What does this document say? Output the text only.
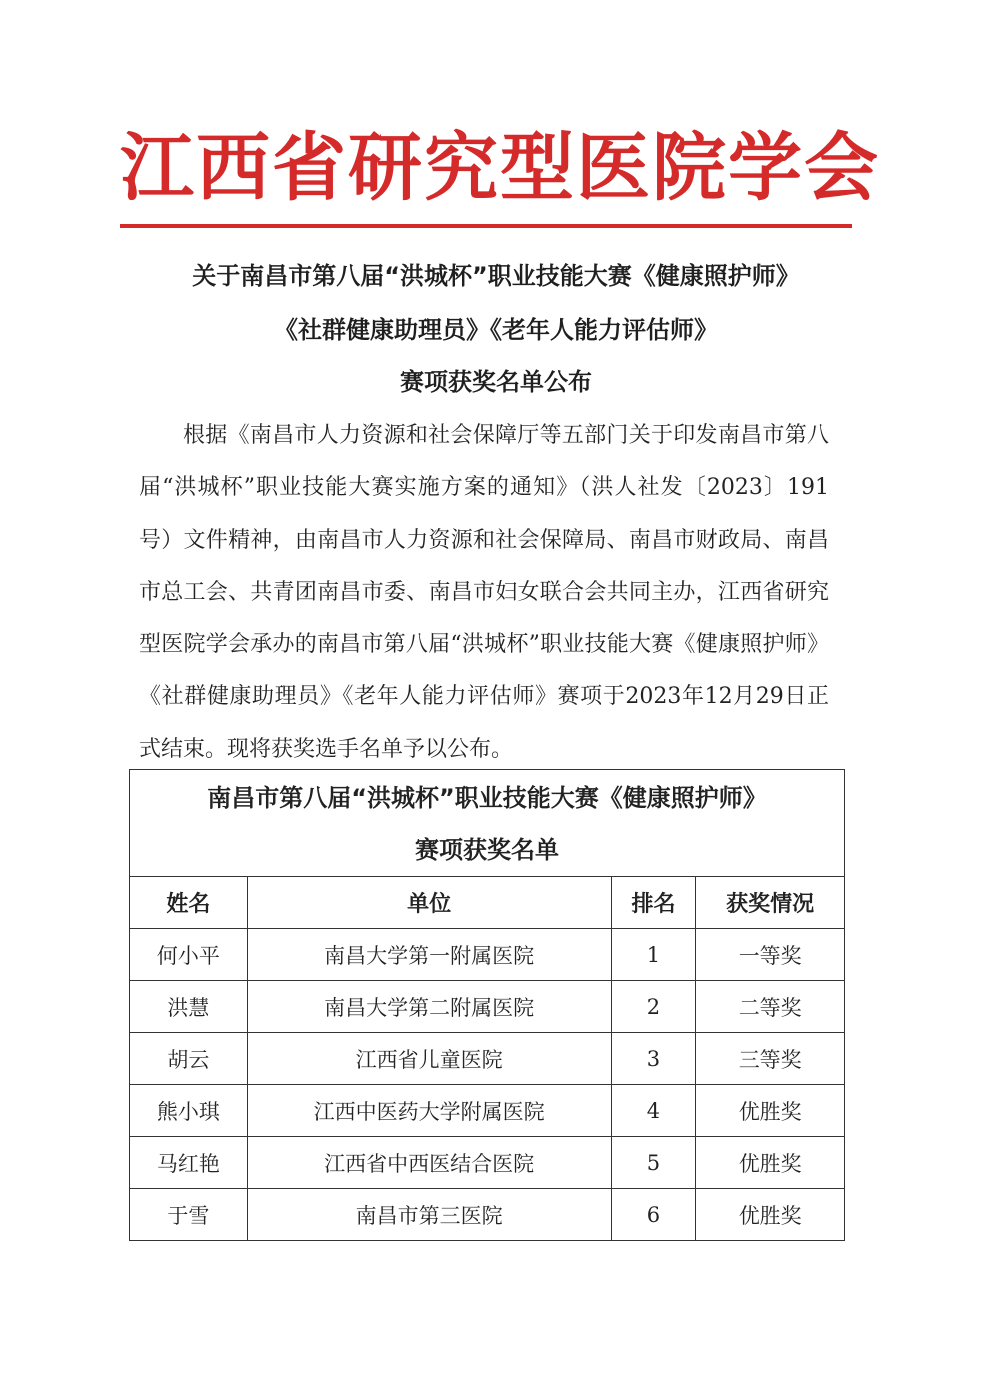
江西省研究型医院学会
关于南昌市第八届“洪城杯”职业技能大赛《健康照护师》
《社群健康助理员》《老年人能力评估师》
赛项获奖名单公布
根据《南昌市人力资源和社会保障厅等五部门关于印发南昌市第八届“洪城杯”职业技能大赛实施方案的通知》（洪人社发〔2023〕191号）文件精神，由南昌市人力资源和社会保障局、南昌市财政局、南昌市总工会、共青团南昌市委、南昌市妇女联合会共同主办，江西省研究型医院学会承办的南昌市第八届“洪城杯”职业技能大赛《健康照护师》《社群健康助理员》《老年人能力评估师》赛项于2023年12月29日正式结束。现将获奖选手名单予以公布。
南昌市第八届“洪城杯”职业技能大赛《健康照护师》
赛项获奖名单			

姓名	单位	排名	获奖情况
何小平	南昌大学第一附属医院	1	一等奖
洪慧	南昌大学第二附属医院	2	二等奖
胡云	江西省儿童医院	3	三等奖
熊小琪	江西中医药大学附属医院	4	优胜奖
马红艳	江西省中西医结合医院	5	优胜奖
于雪	南昌市第三医院	6	优胜奖
